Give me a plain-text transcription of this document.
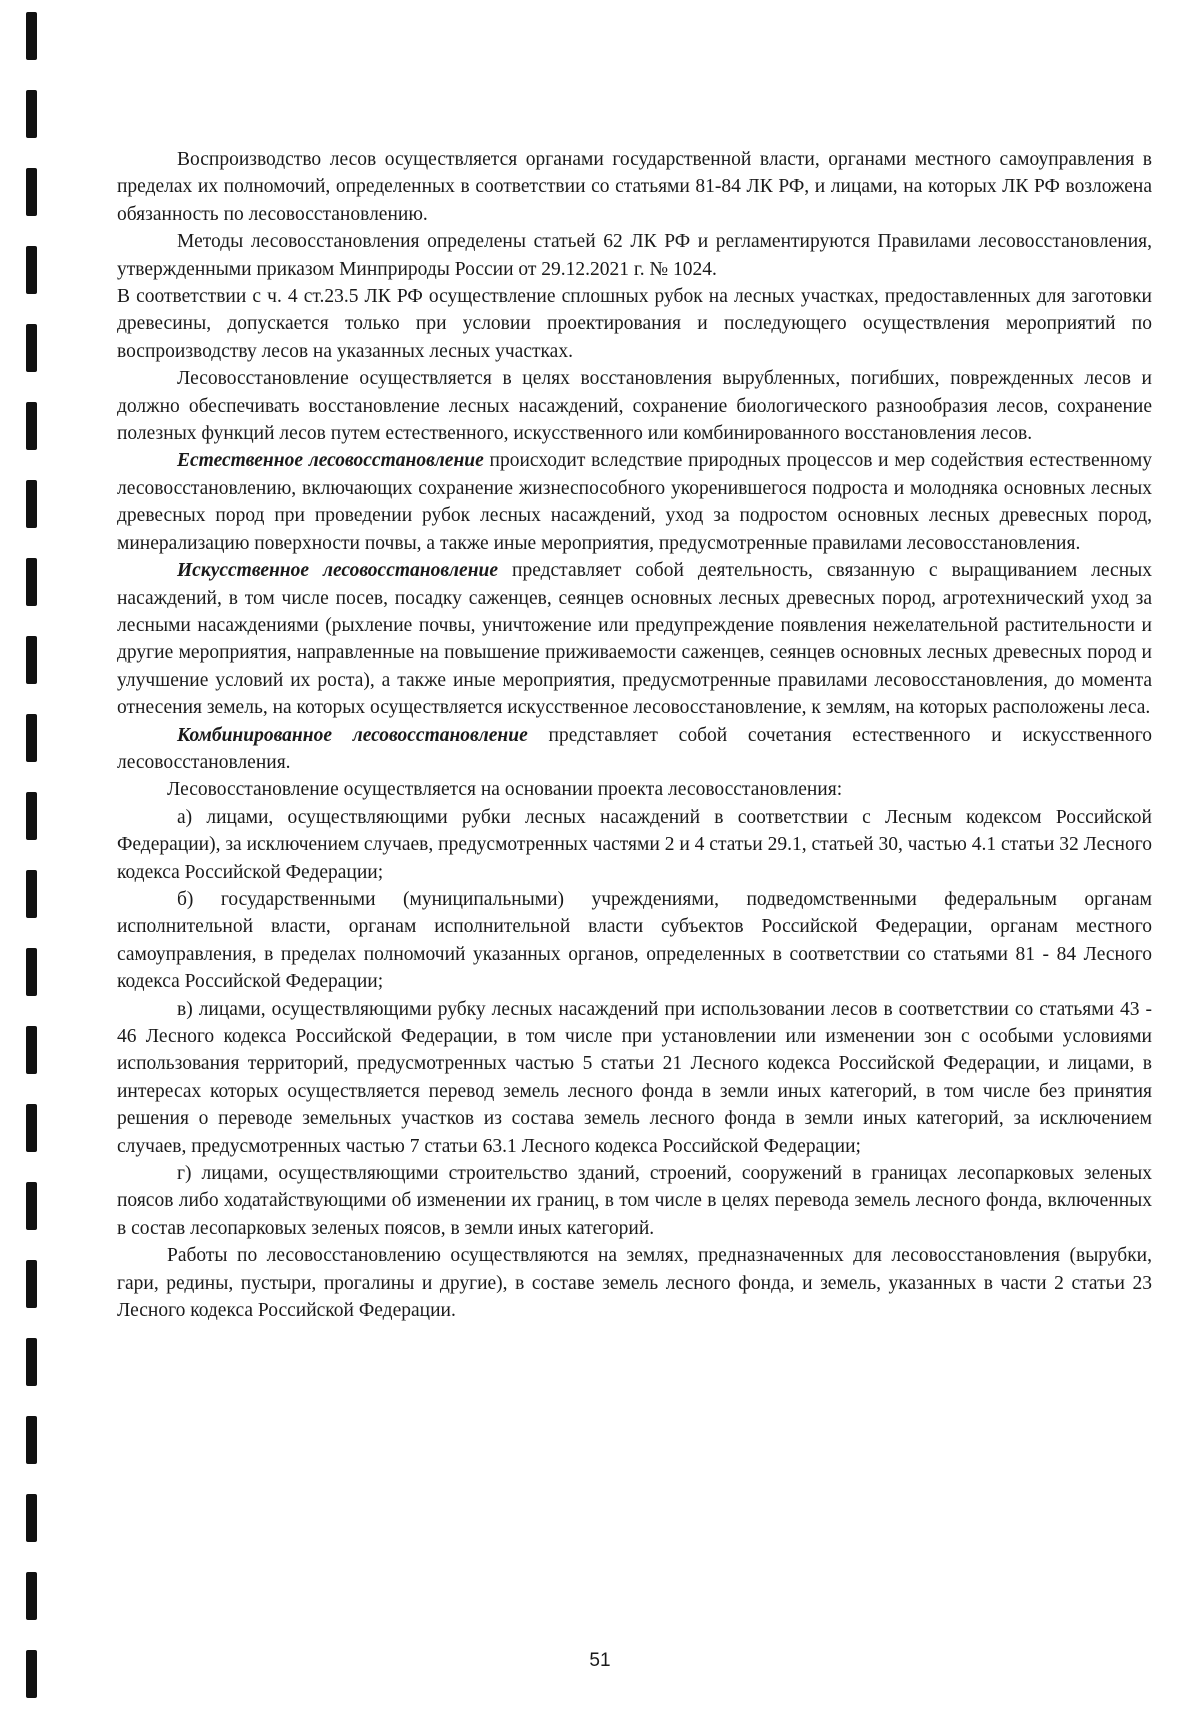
Воспроизводство лесов осуществляется органами государственной власти, органами местного самоуправления в пределах их полномочий, определенных в соответствии со статьями 81-84 ЛК РФ, и лицами, на которых ЛК РФ возложена обязанность по лесовосстановлению.

Методы лесовосстановления определены статьей 62 ЛК РФ и регламентируются Правилами лесовосстановления, утвержденными приказом Минприроды России от 29.12.2021 г. № 1024.

В соответствии с ч. 4 ст.23.5 ЛК РФ осуществление сплошных рубок на лесных участках, предоставленных для заготовки древесины, допускается только при условии проектирования и последующего осуществления мероприятий по воспроизводству лесов на указанных лесных участках.

Лесовосстановление осуществляется в целях восстановления вырубленных, погибших, поврежденных лесов и должно обеспечивать восстановление лесных насаждений, сохранение биологического разнообразия лесов, сохранение полезных функций лесов путем естественного, искусственного или комбинированного восстановления лесов.

Естественное лесовосстановление происходит вследствие природных процессов и мер содействия естественному лесовосстановлению, включающих сохранение жизнеспособного укоренившегося подроста и молодняка основных лесных древесных пород при проведении рубок лесных насаждений, уход за подростом основных лесных древесных пород, минерализацию поверхности почвы, а также иные мероприятия, предусмотренные правилами лесовосстановления.

Искусственное лесовосстановление представляет собой деятельность, связанную с выращиванием лесных насаждений, в том числе посев, посадку саженцев, сеянцев основных лесных древесных пород, агротехнический уход за лесными насаждениями (рыхление почвы, уничтожение или предупреждение появления нежелательной растительности и другие мероприятия, направленные на повышение приживаемости саженцев, сеянцев основных лесных древесных пород и улучшение условий их роста), а также иные мероприятия, предусмотренные правилами лесовосстановления, до момента отнесения земель, на которых осуществляется искусственное лесовосстановление, к землям, на которых расположены леса.

Комбинированное лесовосстановление представляет собой сочетания естественного и искусственного лесовосстановления.

Лесовосстановление осуществляется на основании проекта лесовосстановления:

а) лицами, осуществляющими рубки лесных насаждений в соответствии с Лесным кодексом Российской Федерации), за исключением случаев, предусмотренных частями 2 и 4 статьи 29.1, статьей 30, частью 4.1 статьи 32 Лесного кодекса Российской Федерации;

б) государственными (муниципальными) учреждениями, подведомственными федеральным органам исполнительной власти, органам исполнительной власти субъектов Российской Федерации, органам местного самоуправления, в пределах полномочий указанных органов, определенных в соответствии со статьями 81 - 84 Лесного кодекса Российской Федерации;

в) лицами, осуществляющими рубку лесных насаждений при использовании лесов в соответствии со статьями 43 - 46 Лесного кодекса Российской Федерации, в том числе при установлении или изменении зон с особыми условиями использования территорий, предусмотренных частью 5 статьи 21 Лесного кодекса Российской Федерации, и лицами, в интересах которых осуществляется перевод земель лесного фонда в земли иных категорий, в том числе без принятия решения о переводе земельных участков из состава земель лесного фонда в земли иных категорий, за исключением случаев, предусмотренных частью 7 статьи 63.1 Лесного кодекса Российской Федерации;

г) лицами, осуществляющими строительство зданий, строений, сооружений в границах лесопарковых зеленых поясов либо ходатайствующими об изменении их границ, в том числе в целях перевода земель лесного фонда, включенных в состав лесопарковых зеленых поясов, в земли иных категорий.

Работы по лесовосстановлению осуществляются на землях, предназначенных для лесовосстановления (вырубки, гари, редины, пустыри, прогалины и другие), в составе земель лесного фонда, и земель, указанных в части 2 статьи 23 Лесного кодекса Российской Федерации.

51
